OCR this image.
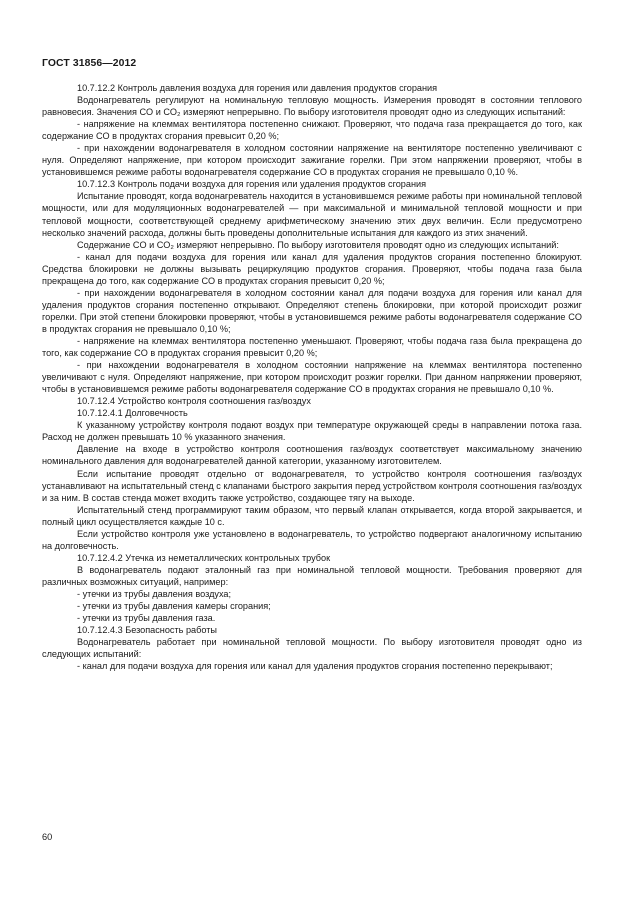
ГОСТ 31856—2012

10.7.12.2 Контроль давления воздуха для горения или давления продуктов сгорания

Водонагреватель регулируют на номинальную тепловую мощность. Измерения проводят в состоянии теплового равновесия. Значения CO и CO₂ измеряют непрерывно. По выбору изготовителя проводят одно из следующих испытаний:

- напряжение на клеммах вентилятора постепенно снижают. Проверяют, что подача газа прекращается до того, как содержание CO в продуктах сгорания превысит 0,20 %;

- при нахождении водонагревателя в холодном состоянии напряжение на вентиляторе постепенно увеличивают с нуля. Определяют напряжение, при котором происходит зажигание горелки. При этом напряжении проверяют, чтобы в установившемся режиме работы водонагревателя содержание CO в продуктах сгорания не превышало 0,10 %.

10.7.12.3 Контроль подачи воздуха для горения или удаления продуктов сгорания

Испытание проводят, когда водонагреватель находится в установившемся режиме работы при номинальной тепловой мощности, или для модуляционных водонагревателей — при максимальной и минимальной тепловой мощности и при тепловой мощности, соответствующей среднему арифметическому значению этих двух величин. Если предусмотрено несколько значений расхода, должны быть проведены дополнительные испытания для каждого из этих значений.

Содержание CO и CO₂ измеряют непрерывно. По выбору изготовителя проводят одно из следующих испытаний:

- канал для подачи воздуха для горения или канал для удаления продуктов сгорания постепенно блокируют. Средства блокировки не должны вызывать рециркуляцию продуктов сгорания. Проверяют, чтобы подача газа была прекращена до того, как содержание CO в продуктах сгорания превысит 0,20 %;

- при нахождении водонагревателя в холодном состоянии канал для подачи воздуха для горения или канал для удаления продуктов сгорания постепенно открывают. Определяют степень блокировки, при которой происходит розжиг горелки. При этой степени блокировки проверяют, чтобы в установившемся режиме работы водонагревателя содержание CO в продуктах сгорания не превышало 0,10 %;

- напряжение на клеммах вентилятора постепенно уменьшают. Проверяют, чтобы подача газа была прекращена до того, как содержание CO в продуктах сгорания превысит 0,20 %;

- при нахождении водонагревателя в холодном состоянии напряжение на клеммах вентилятора постепенно увеличивают с нуля. Определяют напряжение, при котором происходит розжиг горелки. При данном напряжении проверяют, чтобы в установившемся режиме работы водонагревателя содержание CO в продуктах сгорания не превышало 0,10 %.

10.7.12.4 Устройство контроля соотношения газ/воздух

10.7.12.4.1 Долговечность

К указанному устройству контроля подают воздух при температуре окружающей среды в направлении потока газа. Расход не должен превышать 10 % указанного значения.

Давление на входе в устройство контроля соотношения газ/воздух соответствует максимальному значению номинального давления для водонагревателей данной категории, указанному изготовителем.

Если испытание проводят отдельно от водонагревателя, то устройство контроля соотношения газ/воздух устанавливают на испытательный стенд с клапанами быстрого закрытия перед устройством контроля соотношения газ/воздух и за ним. В состав стенда может входить также устройство, создающее тягу на выходе.

Испытательный стенд программируют таким образом, что первый клапан открывается, когда второй закрывается, и полный цикл осуществляется каждые 10 с.

Если устройство контроля уже установлено в водонагреватель, то устройство подвергают аналогичному испытанию на долговечность.

10.7.12.4.2 Утечка из неметаллических контрольных трубок

В водонагреватель подают эталонный газ при номинальной тепловой мощности. Требования проверяют для различных возможных ситуаций, например:

- утечки из трубы давления воздуха;

- утечки из трубы давления камеры сгорания;

- утечки из трубы давления газа.

10.7.12.4.3 Безопасность работы

Водонагреватель работает при номинальной тепловой мощности. По выбору изготовителя проводят одно из следующих испытаний:

- канал для подачи воздуха для горения или канал для удаления продуктов сгорания постепенно перекрывают;

60
